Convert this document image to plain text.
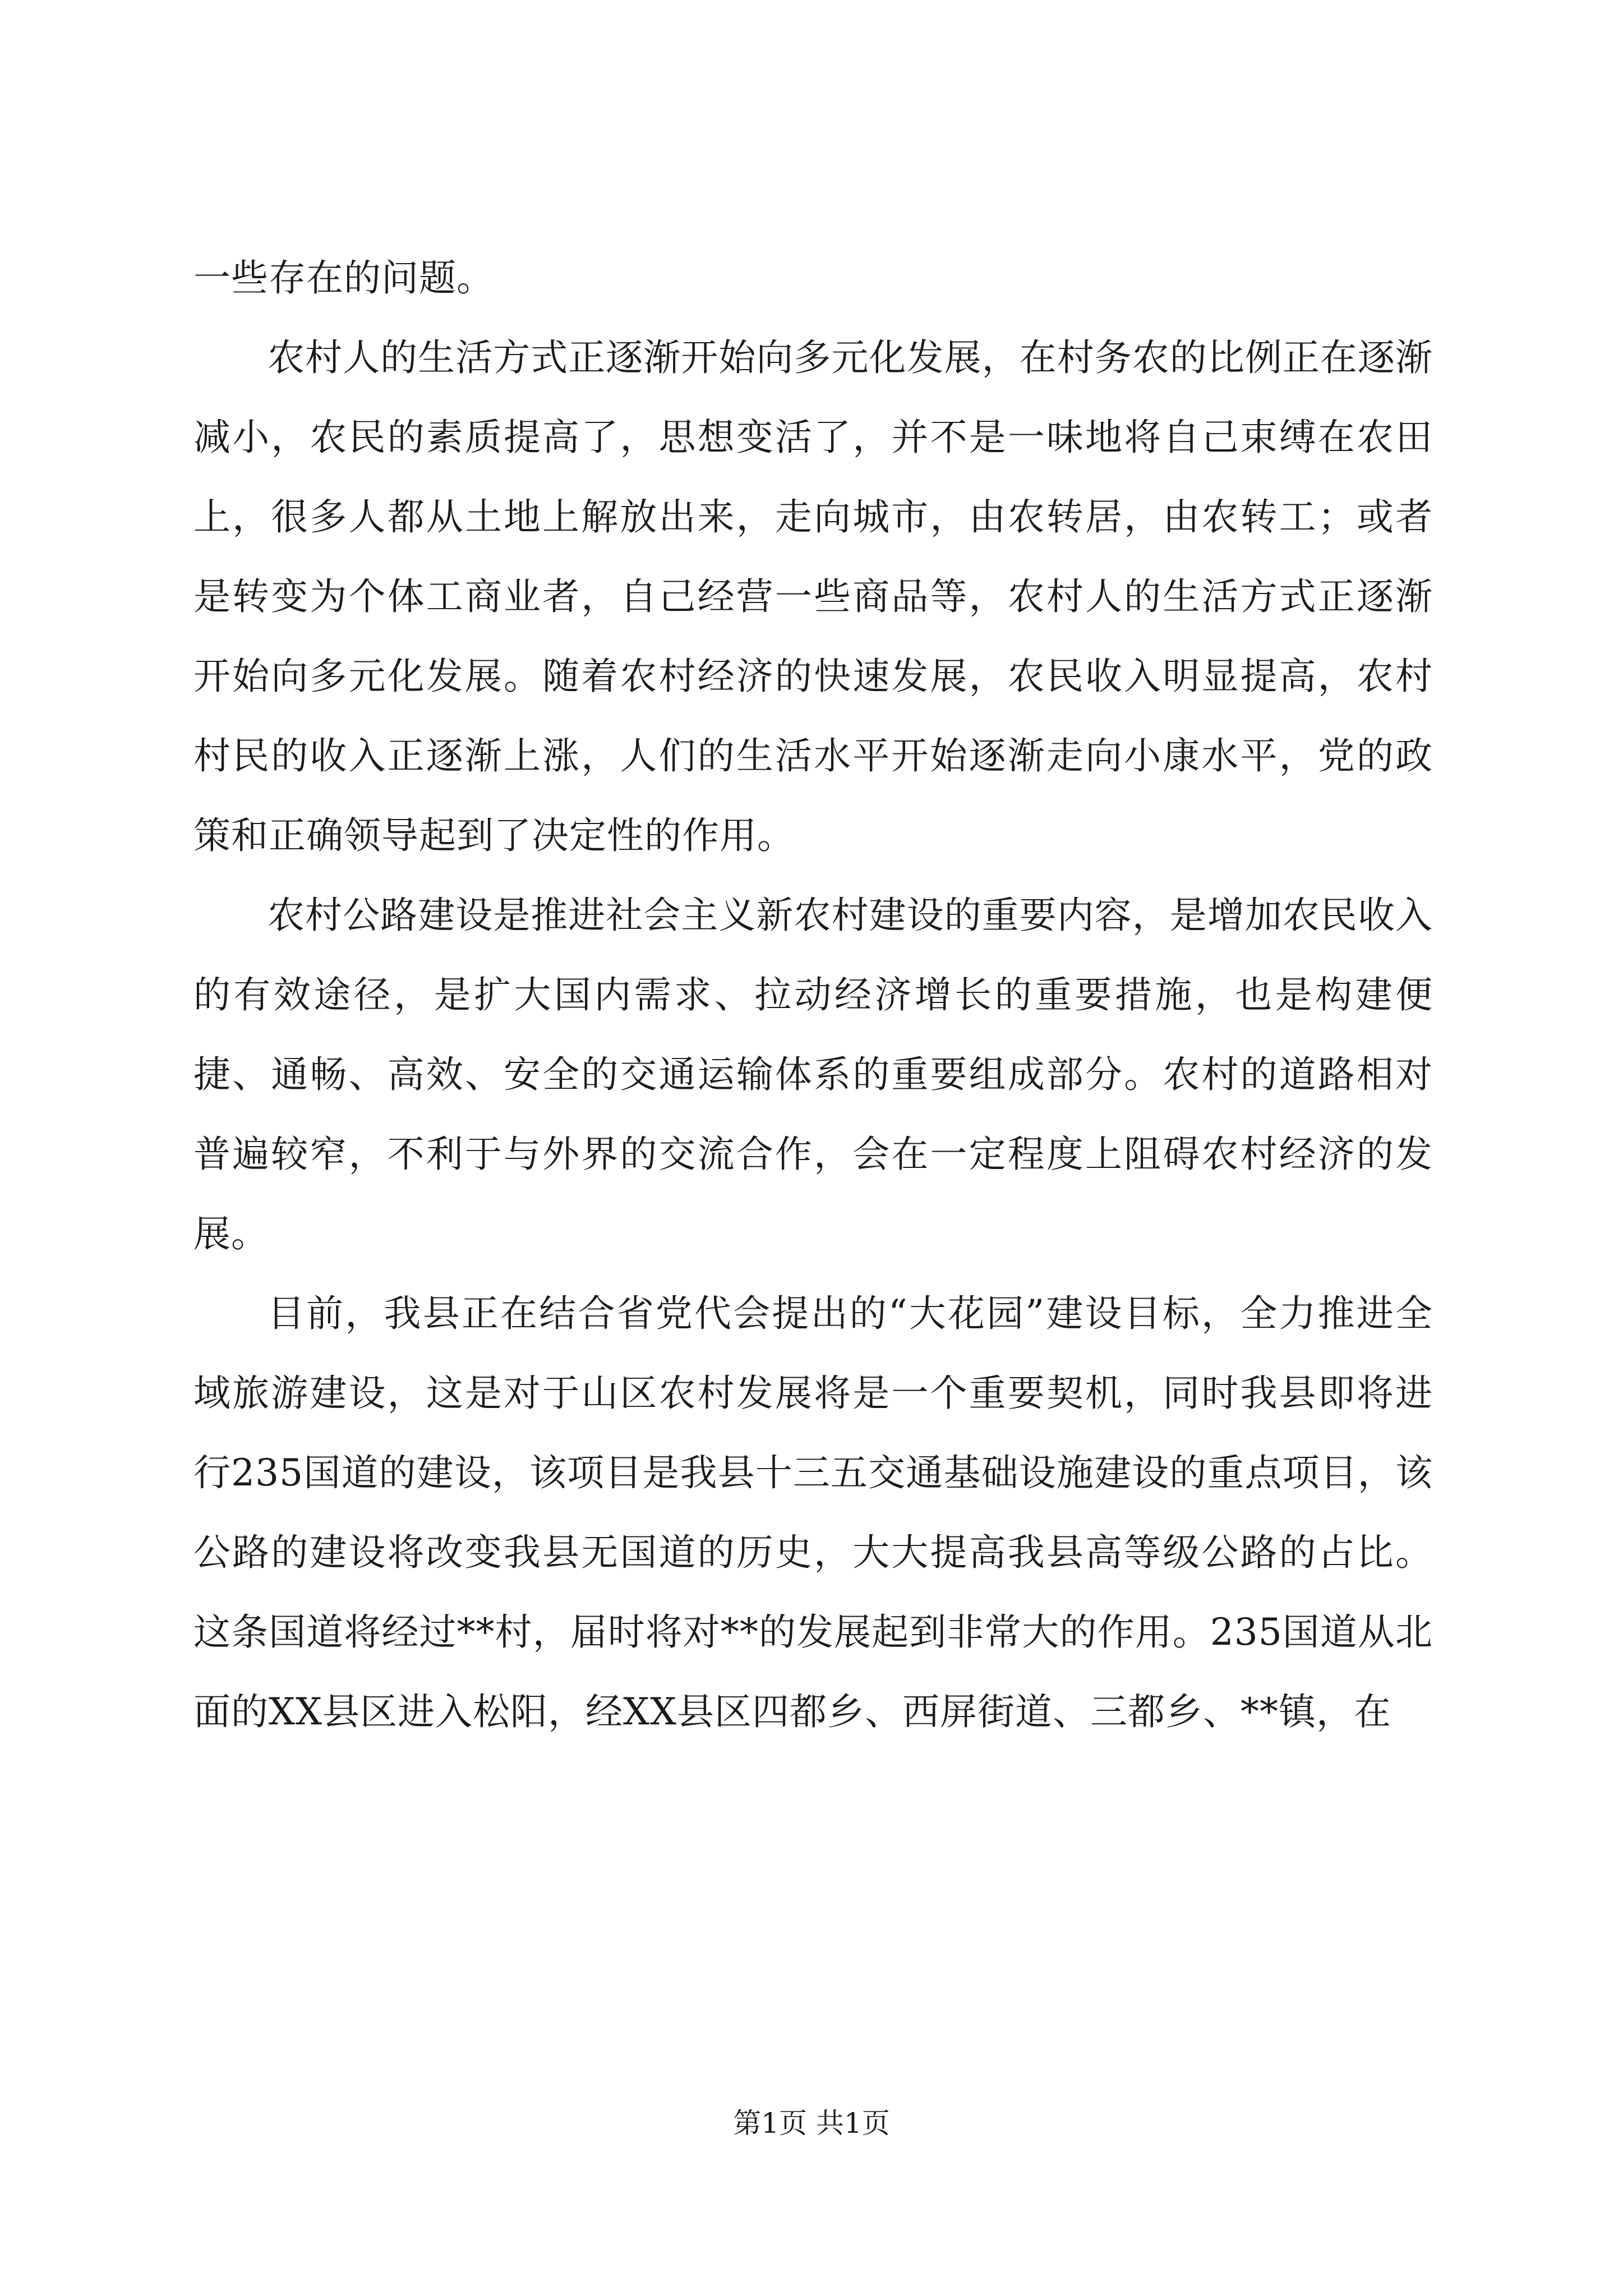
一些存在的问题。

农村人的生活方式正逐渐开始向多元化发展，在村务农的比例正在逐渐减小，农民的素质提高了，思想变活了，并不是一味地将自己束缚在农田上，很多人都从土地上解放出来，走向城市，由农转居，由农转工；或者是转变为个体工商业者，自己经营一些商品等，农村人的生活方式正逐渐开始向多元化发展。随着农村经济的快速发展，农民收入明显提高，农村村民的收入正逐渐上涨，人们的生活水平开始逐渐走向小康水平，党的政策和正确领导起到了决定性的作用。

农村公路建设是推进社会主义新农村建设的重要内容，是增加农民收入的有效途径，是扩大国内需求、拉动经济增长的重要措施，也是构建便捷、通畅、高效、安全的交通运输体系的重要组成部分。农村的道路相对普遍较窄，不利于与外界的交流合作，会在一定程度上阻碍农村经济的发展。

目前，我县正在结合省党代会提出的“大花园”建设目标，全力推进全域旅游建设，这是对于山区农村发展将是一个重要契机，同时我县即将进行235国道的建设，该项目是我县十三五交通基础设施建设的重点项目，该公路的建设将改变我县无国道的历史，大大提高我县高等级公路的占比。这条国道将经过**村，届时将对**的发展起到非常大的作用。235国道从北面的XX县区进入松阳，经XX县区四都乡、西屏街道、三都乡、**镇，在

第1页 共1页
